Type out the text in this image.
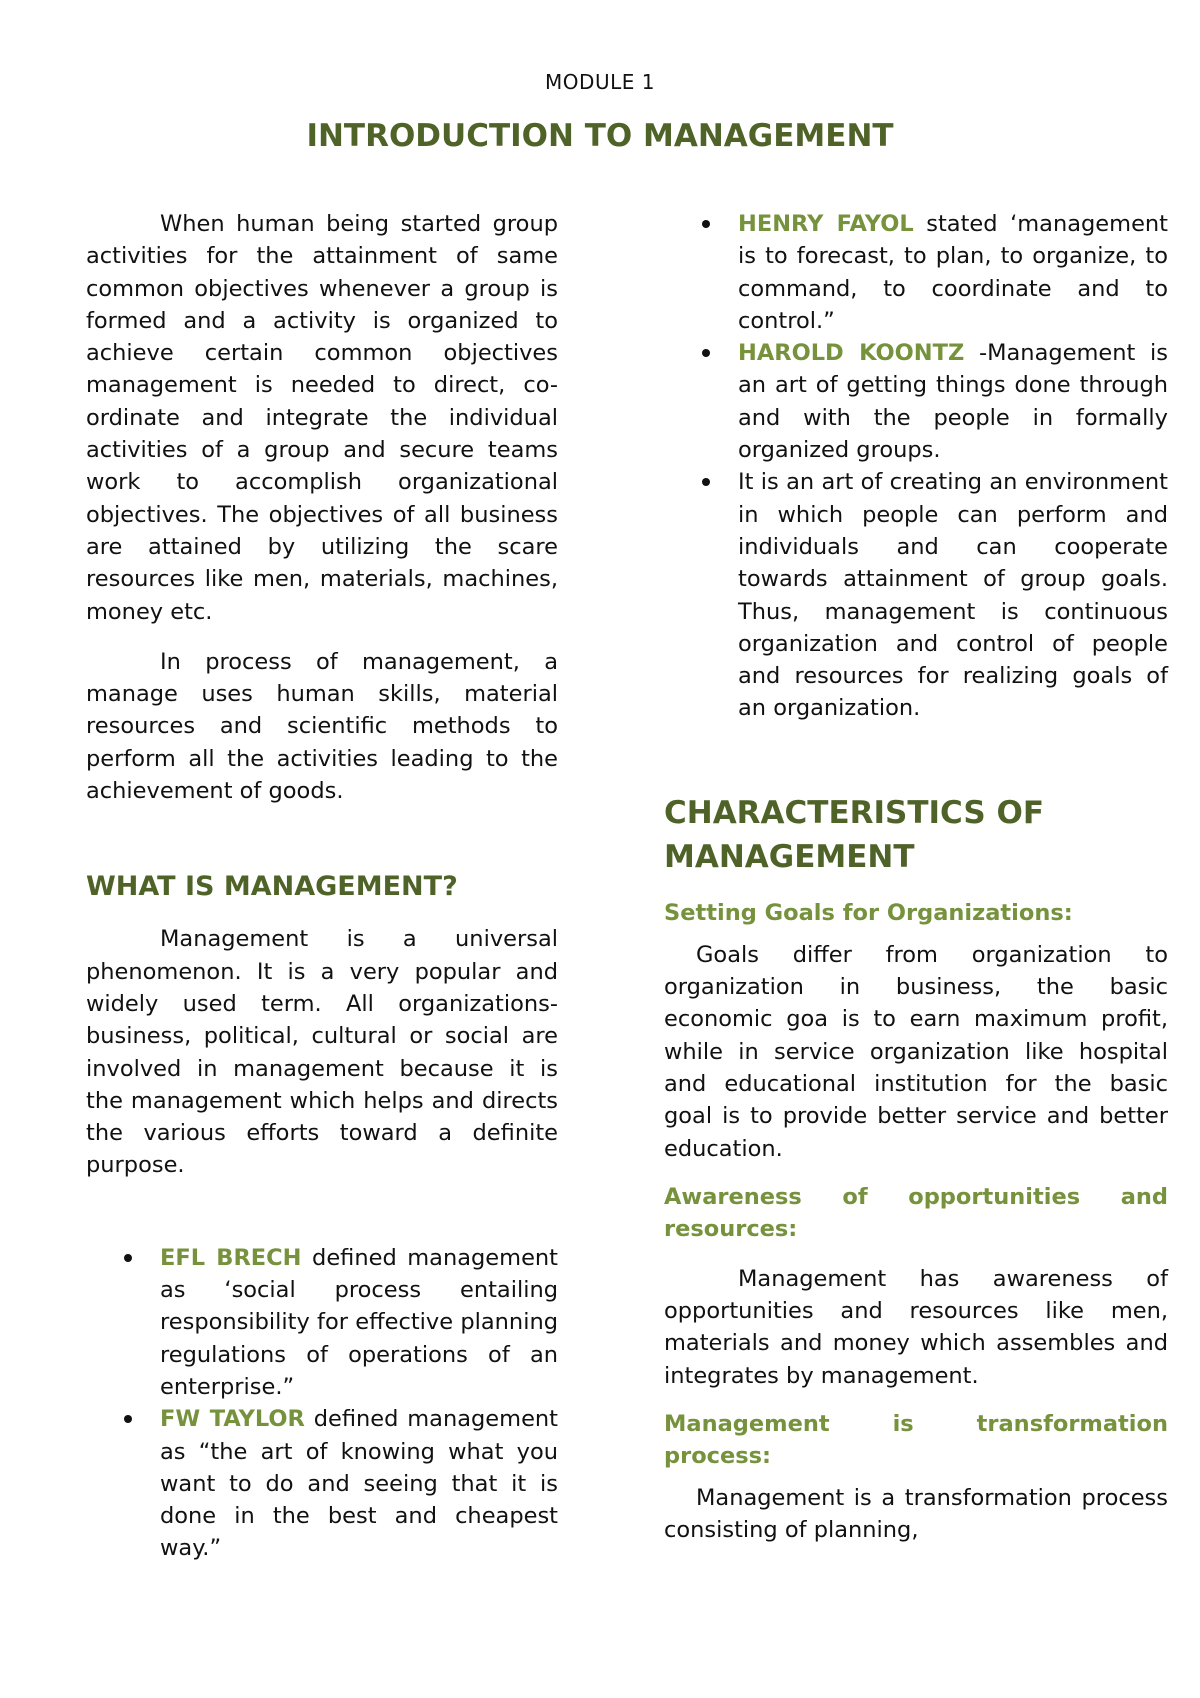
MODULE 1
INTRODUCTION TO MANAGEMENT

When human being started group activities for the attainment of same common objectives whenever a group is formed and a activity is organized to achieve certain common objectives management is needed to direct, co-ordinate and integrate the individual activities of a group and secure teams work to accomplish organizational objectives. The objectives of all business are attained by utilizing the scare resources like men, materials, machines, money etc.

In process of management, a manage uses human skills, material resources and scientific methods to perform all the activities leading to the achievement of goods.

WHAT IS MANAGEMENT?

Management is a universal phenomenon. It is a very popular and widely used term. All organizations- business, political, cultural or social are involved in management because it is the management which helps and directs the various efforts toward a definite purpose.

EFL BRECH defined management as ‘social process entailing responsibility for effective planning regulations of operations of an enterprise.”
FW TAYLOR defined management as “the art of knowing what you want to do and seeing that it is done in the best and cheapest way.”
HENRY FAYOL stated ‘management is to forecast, to plan, to organize, to command, to coordinate and to control.”
HAROLD KOONTZ -Management is an art of getting things done through and with the people in formally organized groups.
It is an art of creating an environment in which people can perform and individuals and can cooperate towards attainment of group goals. Thus, management is continuous organization and control of people and resources for realizing goals of an organization.
CHARACTERISTICS OF MANAGEMENT
Setting Goals for Organizations:

Goals differ from organization to organization in business, the basic economic goa is to earn maximum profit, while in service organization like hospital and educational institution for the basic goal is to provide better service and better education.

Awareness of opportunities and resources:

Management has awareness of opportunities and resources like men, materials and money which assembles and integrates by management.

Management is transformation process:

Management is a transformation process consisting of planning,
